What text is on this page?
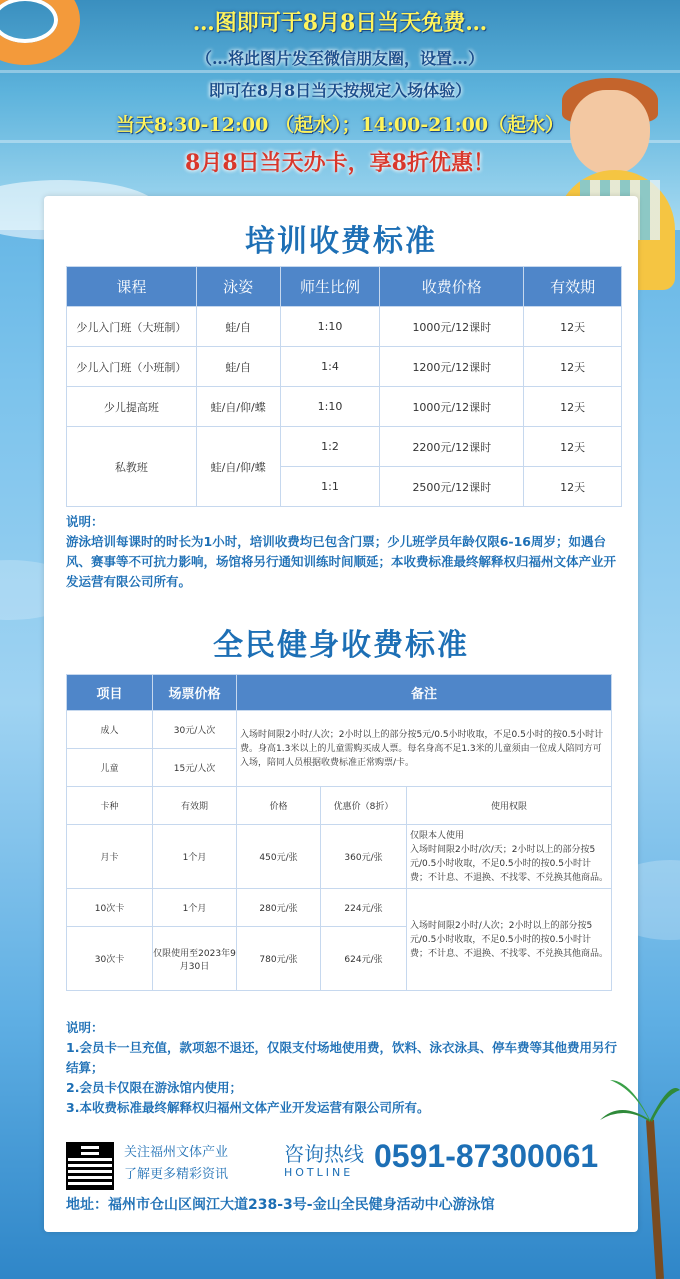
…图即可于8月8日当天免费…
（…将此图片发至微信朋友圈，设置…）
即可在8月8日当天按规定入场体验）
当天8:30-12:00 （起水）；14:00-21:00（起水）
8月8日当天办卡，享8折优惠！
培训收费标准
课程	泳姿	师生比例	收费价格	有效期
少儿入门班（大班制）	蛙/自	1:10	1000元/12课时	12天
少儿入门班（小班制）	蛙/自	1:4	1200元/12课时	12天
少儿提高班	蛙/自/仰/蝶	1:10	1000元/12课时	12天
私教班	蛙/自/仰/蝶	1:2	2200元/12课时	12天
		1:1	2500元/12课时	12天
说明：
游泳培训每课时的时长为1小时，培训收费均已包含门票；少儿班学员年龄仅限6-16周岁；如遇台风、赛事等不可抗力影响，场馆将另行通知训练时间顺延；本收费标准最终解释权归福州文体产业开发运营有限公司所有。
全民健身收费标准
项目	场票价格	备注		
成人	30元/人次	入场时间限2小时/人次；2小时以上的部分按5元/0.5小时收取，不足0.5小时的按0.5小时计费。身高1.3米以上的儿童需购买成人票。每名身高不足1.3米的儿童须由一位成人陪同方可入场，陪同人员根据收费标准正常购票/卡。		
儿童	15元/人次			
卡种	有效期	价格	优惠价（8折）	使用权限
月卡	1个月	450元/张	360元/张	仅限本人使用
入场时间限2小时/次/天；2小时以上的部分按5元/0.5小时收取，不足0.5小时的按0.5小时计费；不计息、不退换、不找零、不兑换其他商品。
10次卡	1个月	280元/张	224元/张	入场时间限2小时/人次；2小时以上的部分按5元/0.5小时收取，不足0.5小时的按0.5小时计费；不计息、不退换、不找零、不兑换其他商品。
30次卡	仅限使用至2023年9月30日	780元/张	624元/张	
说明：
1.会员卡一旦充值，款项恕不退还，仅限支付场地使用费，饮料、泳衣泳具、停车费等其他费用另行结算；
2.会员卡仅限在游泳馆内使用；
3.本收费标准最终解释权归福州文体产业开发运营有限公司所有。
关注福州文体产业
了解更多精彩资讯
咨询热线
HOTLINE 0591-87300061
地址：福州市仓山区闽江大道238-3号-金山全民健身活动中心游泳馆
